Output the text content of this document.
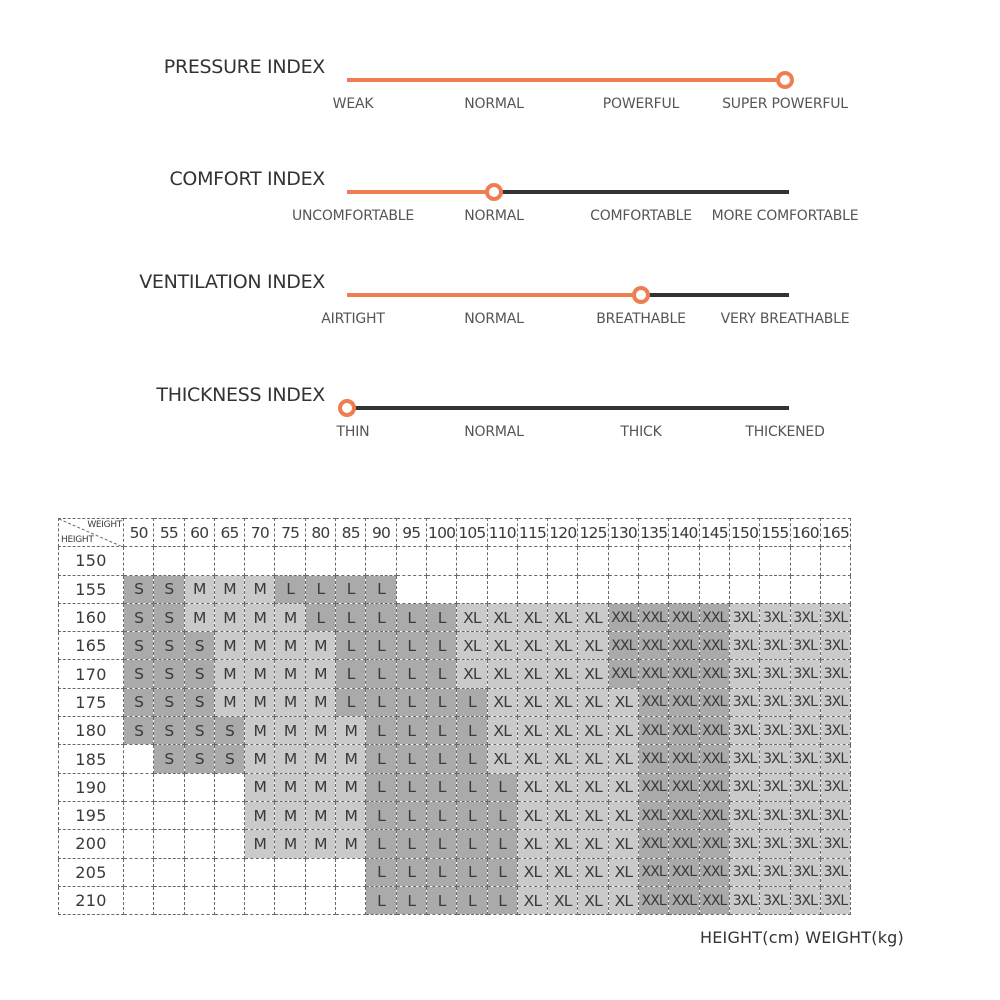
PRESSURE INDEX
WEAK	NORMAL	POWERFUL	SUPER POWERFUL
COMFORT INDEX
UNCOMFORTABLE	NORMAL	COMFORTABLE MORE COMFORTABLE
VENTILATION INDEX
AIRTIGHT	NORMAL	BREATHABLE VERY BREATHABLE
THICKNESS INDEX
THIN	NORMAL	THICK	THICKENED
WEIGHT
HEIGHT	50	55	60	65	70	75	80	85	90	95	100	105	110	115	120	125	130	135	140	145	150	155	160	165
150																								
155	S	S	M	M	M	L	L	L	L															
160	S	S	M	M	M	M	L	L	L	L	L	XL	XL	XL	XL	XL	XXL	XXL	XXL	XXL	3XL	3XL	3XL	3XL
165	S	S	S	M	M	M	M	L	L	L	L	XL	XL	XL	XL	XL	XXL	XXL	XXL	XXL	3XL	3XL	3XL	3XL
170	S	S	S	M	M	M	M	L	L	L	L	XL	XL	XL	XL	XL	XXL	XXL	XXL	XXL	3XL	3XL	3XL	3XL
175	S	S	S	M	M	M	M	L	L	L	L	L	XL	XL	XL	XL	XL	XXL	XXL	XXL	3XL	3XL	3XL	3XL
180	S	S	S	S	M	M	M	M	L	L	L	L	XL	XL	XL	XL	XL	XXL	XXL	XXL	3XL	3XL	3XL	3XL
185		S	S	S	M	M	M	M	L	L	L	L	XL	XL	XL	XL	XL	XXL	XXL	XXL	3XL	3XL	3XL	3XL
190					M	M	M	M	L	L	L	L	L	XL	XL	XL	XL	XXL	XXL	XXL	3XL	3XL	3XL	3XL
195					M	M	M	M	L	L	L	L	L	XL	XL	XL	XL	XXL	XXL	XXL	3XL	3XL	3XL	3XL
200					M	M	M	M	L	L	L	L	L	XL	XL	XL	XL	XXL	XXL	XXL	3XL	3XL	3XL	3XL
205									L	L	L	L	L	XL	XL	XL	XL	XXL	XXL	XXL	3XL	3XL	3XL	3XL
210									L	L	L	L	L	XL	XL	XL	XL	XXL	XXL	XXL	3XL	3XL	3XL	3XL
HEIGHT(cm) WEIGHT(kg)
